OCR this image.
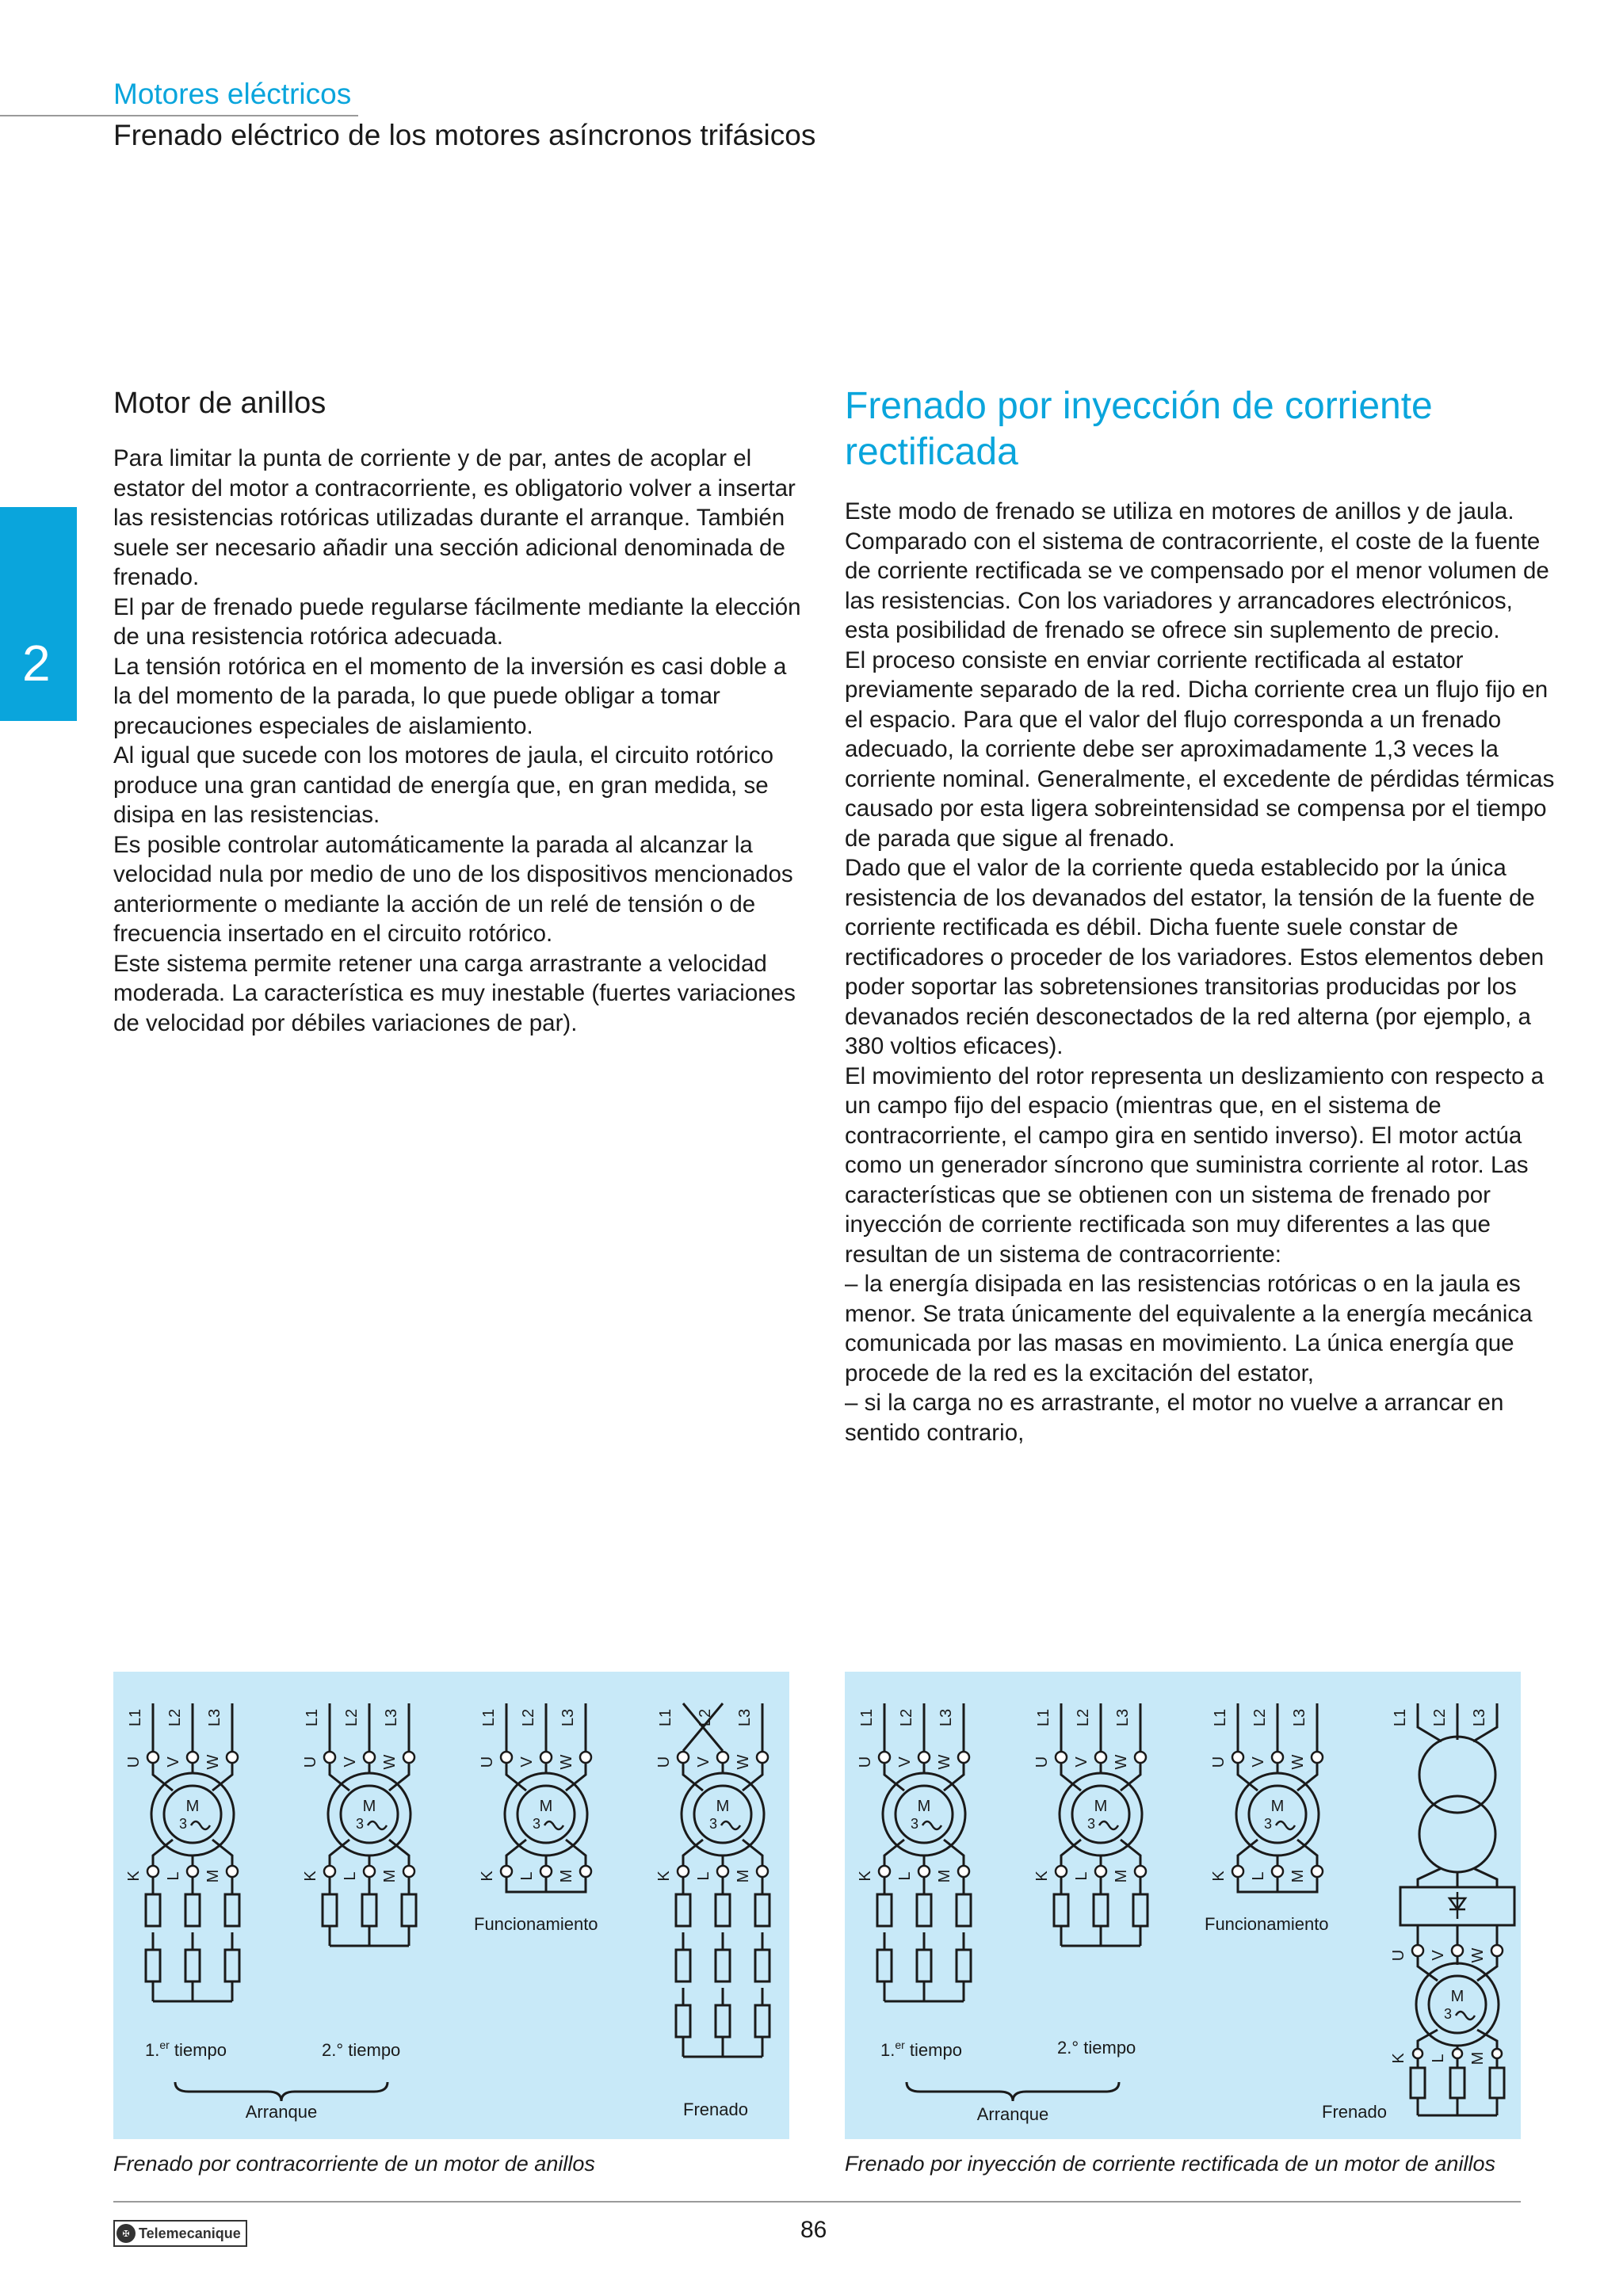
Motores eléctricos
Frenado eléctrico de los motores asíncronos trifásicos
2
Motor de anillos

Para limitar la punta de corriente y de par, antes de acoplar el estator del motor a contracorriente, es obligatorio volver a insertar las resistencias rotóricas utilizadas durante el arranque. También suele ser necesario añadir una sección adicional denominada de frenado.

El par de frenado puede regularse fácilmente mediante la elección de una resistencia rotórica adecuada.

La tensión rotórica en el momento de la inversión es casi doble a la del momento de la parada, lo que puede obligar a tomar precauciones especiales de aislamiento.

Al igual que sucede con los motores de jaula, el circuito rotórico produce una gran cantidad de energía que, en gran medida, se disipa en las resistencias.

Es posible controlar automáticamente la parada al alcanzar la velocidad nula por medio de uno de los dispositivos mencionados anteriormente o mediante la acción de un relé de tensión o de frecuencia insertado en el circuito rotórico.

Este sistema permite retener una carga arrastrante a velocidad moderada. La característica es muy inestable (fuertes variaciones de velocidad por débiles variaciones de par).

Frenado por inyección de corriente rectificada

Este modo de frenado se utiliza en motores de anillos y de jaula.

Comparado con el sistema de contracorriente, el coste de la fuente de corriente rectificada se ve compensado por el menor volumen de las resistencias. Con los variadores y arrancadores electrónicos, esta posibilidad de frenado se ofrece sin suplemento de precio.

El proceso consiste en enviar corriente rectificada al estator previamente separado de la red. Dicha corriente crea un flujo fijo en el espacio. Para que el valor del flujo corresponda a un frenado adecuado, la corriente debe ser aproximadamente 1,3 veces la corriente nominal. Generalmente, el excedente de pérdidas térmicas causado por esta ligera sobreintensidad se compensa por el tiempo de parada que sigue al frenado.

Dado que el valor de la corriente queda establecido por la única resistencia de los devanados del estator, la tensión de la fuente de corriente rectificada es débil. Dicha fuente suele constar de rectificadores o proceder de los variadores. Estos elementos deben poder soportar las sobretensiones transitorias producidas por los devanados recién desconectados de la red alterna (por ejemplo, a 380 voltios eficaces).

El movimiento del rotor representa un deslizamiento con respecto a un campo fijo del espacio (mientras que, en el sistema de contracorriente, el campo gira en sentido inverso). El motor actúa como un generador síncrono que suministra corriente al rotor. Las características que se obtienen con un sistema de frenado por inyección de corriente rectificada son muy diferentes a las que resultan de un sistema de contracorriente:

– la energía disipada en las resistencias rotóricas o en la jaula es menor. Se trata únicamente del equivalente a la energía mecánica comunicada por las masas en movimiento. La única energía que procede de la red es la excitación del estator,

– si la carga no es arrastrante, el motor no vuelve a arrancar en sentido contrario,

L1 L2 L3
U V W
M
3
K L M
L1 L2 L3
U V W
M
3
K L M
L1 L2 L3
U V W
M
3
K L M
L1 L2 L3
U V W
M
3
K L M
1.$^{er}$ tiempo	2.° tiempo
Arranque
Funcionamiento
Frenado
L1 L2 L3
U V W
M
3
K L M
L1 L2 L3
U V W
M
3
K L M
L1 L2 L3
U V W
M
3
K L M
L1 L2 L3
U V W
M
3
K L M
1.$^{er}$ tiempo	2.° tiempo
Arranque
Funcionamiento
Frenado
Frenado por contracorriente de un motor de anillos	Frenado por inyección de corriente rectificada de un motor de anillos
✠ Telemecanique	86
